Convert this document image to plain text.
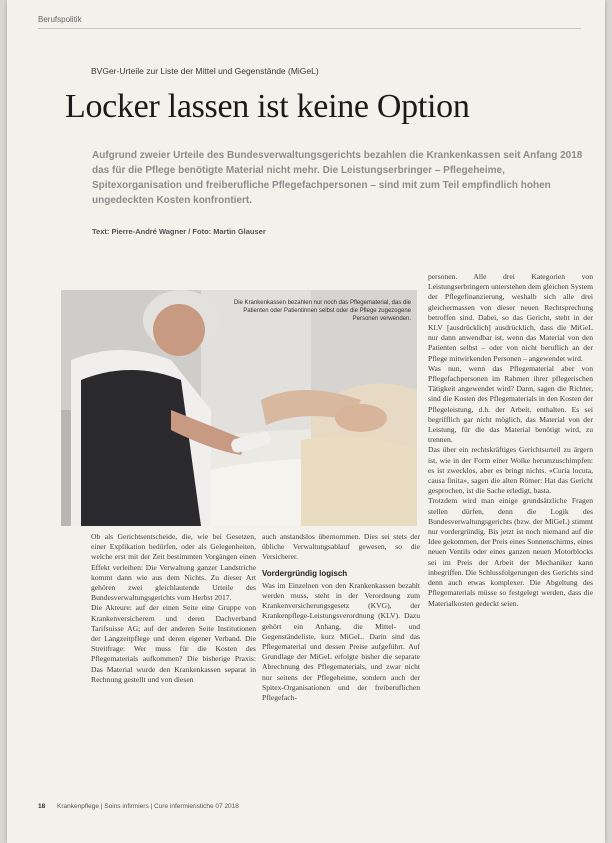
Berufspolitik
BVGer-Urteile zur Liste der Mittel und Gegenstände (MiGeL)
Locker lassen ist keine Option
Aufgrund zweier Urteile des Bundesverwaltungsgerichts bezahlen die Krankenkassen seit Anfang 2018 das für die Pflege benötigte Material nicht mehr. Die Leistungserbringer – Pflegeheime, Spitexorganisation und freiberufliche Pflegefachpersonen – sind mit zum Teil empfindlich hohen ungedeckten Kosten konfrontiert.
Text: Pierre-André Wagner / Foto: Martin Glauser
Die Krankenkassen bezahlen nur noch das Pflegematerial, das die Patienten oder Patientinnen selbst oder die Pflege zugezogene Personen verwenden.

Ob als Gerichtsentscheide, die, wie bei Gesetzen, einer Explikation bedürfen, oder als Gelegenheiten, welche erst mit der Zeit bestimmten Vorgängen einen Effekt verleihen: Die Verwaltung ganzer Landstriche kommt dann wie aus dem Nichts. Zu dieser Art gehören zwei gleichlautende Urteile des Bundesverwaltungsgerichts vom Herbst 2017.

Die Akteure: auf der einen Seite eine Gruppe von Krankenversicherern und deren Dachverband Tarifsuisse AG; auf der anderen Seite Institutionen der Langzeitpflege und deren eigener Verband. Die Streitfrage: Wer muss für die Kosten des Pflegematerials aufkommen? Die bisherige Praxis: Das Material wurde den Krankenkassen separat in Rechnung gestellt und von diesen

auch anstandslos übernommen. Dies sei stets der übliche Verwaltungsablauf gewesen, so die Versicherer.

Vordergründig logisch

Was im Einzelnen von den Krankenkassen bezahlt werden muss, steht in der Verordnung zum Krankenversicherungsgesetz (KVG), der Krankenpflege-Leistungsverordnung (KLV). Dazu gehört ein Anhang, die Mittel- und Gegenständeliste, kurz MiGeL. Darin sind das Pflegematerial und dessen Preise aufgeführt. Auf Grundlage der MiGeL erfolgte bisher die separate Abrechnung des Pflegematerials, und zwar nicht nur seitens der Pflegeheime, sondern auch der Spitex-Organisationen und der freiberuflichen Pflegefach-

personen. Alle drei Kategorien von Leistungserbringern unterstehen dem gleichen System der Pflegefinanzierung, weshalb sich alle drei gleichermassen von dieser neuen Rechtsprechung betroffen sind. Dabei, so das Gericht, steht in der KLV [ausdrücklich] ausdrücklich, dass die MiGeL nur dann anwendbar ist, wenn das Material von den Patienten selbst – oder von nicht beruflich an der Pflege mitwirkenden Personen – angewendet wird.

Was nun, wenn das Pflegematerial aber von Pflegefachpersonen im Rahmen ihrer pflegerischen Tätigkeit angewendet wird? Dann, sagen die Richter, sind die Kosten des Pflegematerials in den Kosten der Pflegeleistung, d.h. der Arbeit, enthalten. Es sei begrifflich gar nicht möglich, das Material von der Leistung, für die das Material benötigt wird, zu trennen.

Das über ein rechtskräftiges Gerichtsurteil zu ärgern ist, wie in der Form einer Wolke herumzuschimpfen: es ist zwecklos, aber es bringt nichts. «Curia locuta, causa finita», sagen die alten Römer: Hat das Gericht gesprochen, ist die Sache erledigt, basta.

Trotzdem wird man einige grundsätzliche Fragen stellen dürfen, denn die Logik des Bundesverwaltungsgerichts (bzw. der MiGeL) stimmt nur vordergründig. Bis jetzt ist noch niemand auf die Idee gekommen, der Preis eines Sonnenschirms, eines neuen Ventils oder eines ganzen neuen Motorblocks sei im Preis der Arbeit der Mechaniker kann inbegriffen. Die Schlussfolgerungen des Gerichts sind denn auch etwas komplexer. Die Abgeltung des Pflegematerials müsse so festgelegt werden, dass die Materialkosten gedeckt seien.

18 Krankenpflege | Soins infirmiers | Cure infermieristiche 07 2018
